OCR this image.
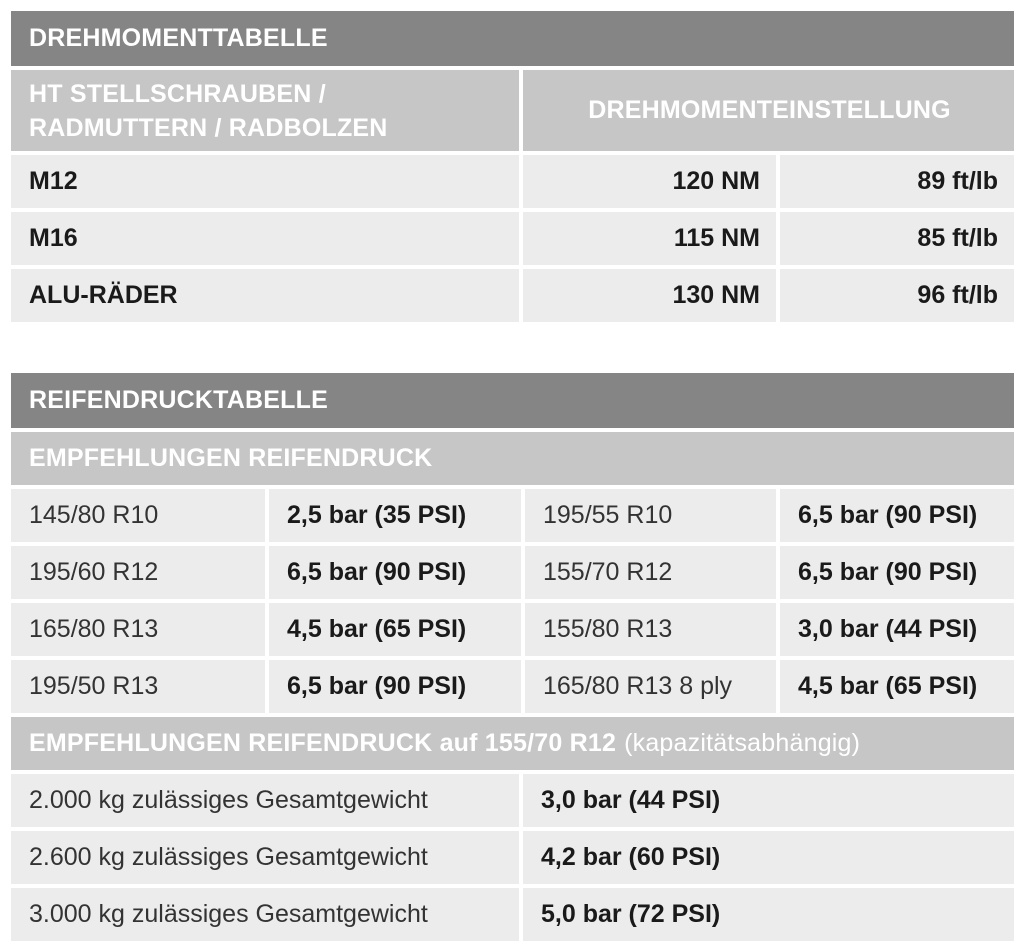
DREHMOMENTTABELLE
HT STELLSCHRAUBEN /
RADMUTTERN / RADBOLZEN
DREHMOMENTEINSTELLUNG
M12	120 NM	89 ft/lb
M16	115 NM	85 ft/lb
ALU-RÄDER	130 NM	96 ft/lb
REIFENDRUCKTABELLE
EMPFEHLUNGEN REIFENDRUCK
145/80 R10	2,5 bar (35 PSI)	195/55 R10	6,5 bar (90 PSI)
195/60 R12	6,5 bar (90 PSI)	155/70 R12	6,5 bar (90 PSI)
165/80 R13	4,5 bar (65 PSI)	155/80 R13	3,0 bar (44 PSI)
195/50 R13	6,5 bar (90 PSI)	165/80 R13 8 ply	4,5 bar (65 PSI)
EMPFEHLUNGEN REIFENDRUCK auf 155/70 R12 (kapazitätsabhängig)
2.000 kg zulässiges Gesamtgewicht	3,0 bar (44 PSI)
2.600 kg zulässiges Gesamtgewicht	4,2 bar (60 PSI)
3.000 kg zulässiges Gesamtgewicht	5,0 bar (72 PSI)
